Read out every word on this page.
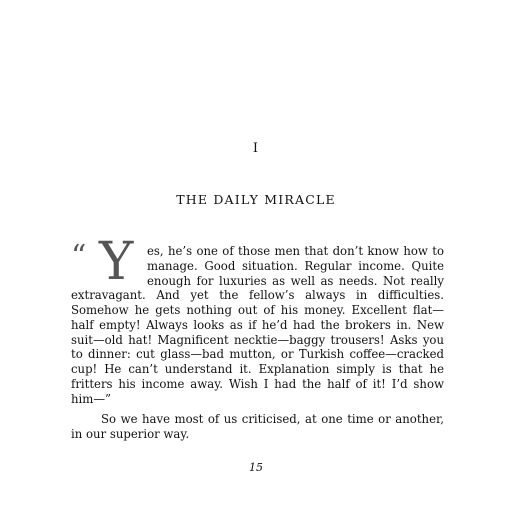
I
THE DAILY MIRACLE

“ Y es, he’s one of those men that don’t know how to manage. Good situation. Regular income. Quite enough for luxuries as well as needs. Not really extravagant. And yet the fellow’s always in difficulties. Somehow he gets nothing out of his money. Excellent flat—half empty! Always looks as if he’d had the brokers in. New suit—old hat! Magnificent necktie—baggy trousers! Asks you to dinner: cut glass—bad mutton, or Turkish coffee—cracked cup! He can’t understand it. Explanation simply is that he fritters his income away. Wish I had the half of it! I’d show him—”

So we have most of us criticised, at one time or another, in our superior way.

15
